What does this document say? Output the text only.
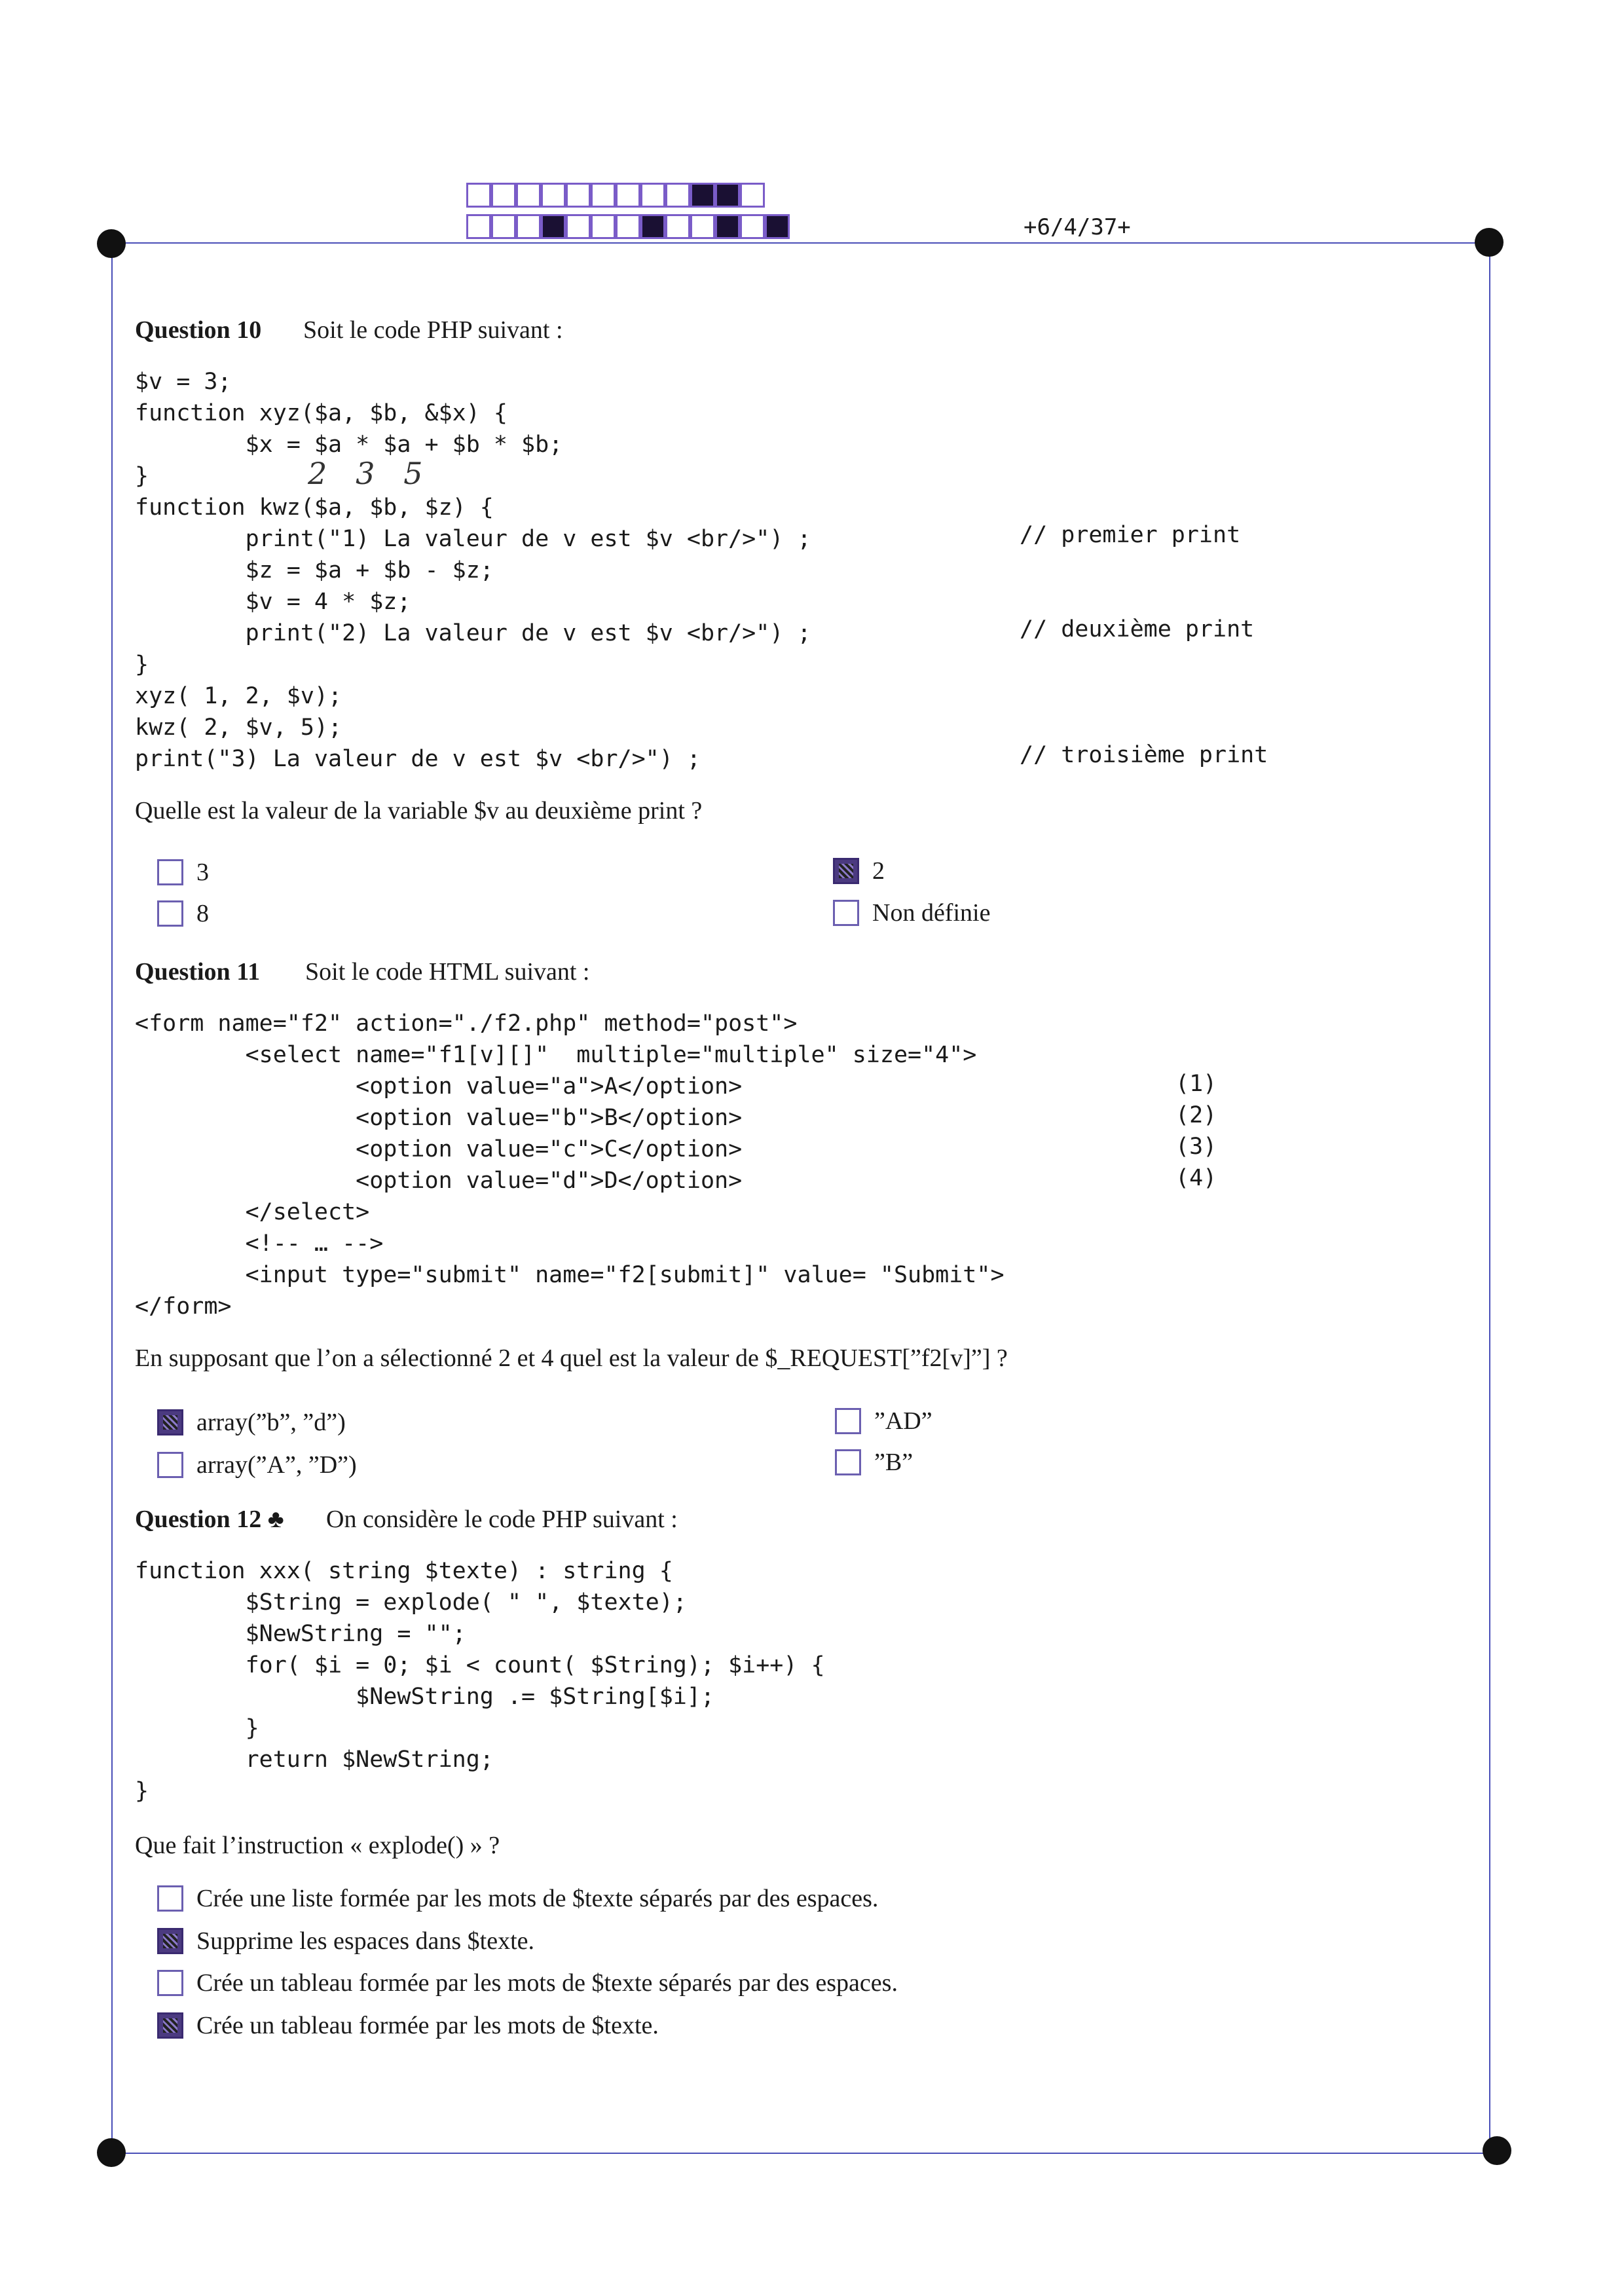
+6/4/37+
Question 10 Soit le code PHP suivant :
$v = 3;
function xyz($a, $b, &$x) {
$x = $a * $a + $b * $b;
}
function kwz($a, $b, $z) {
print("1) La valeur de v est $v <br/>") ;
$z = $a + $b - $z;
$v = 4 * $z;
print("2) La valeur de v est $v <br/>") ;
}
xyz( 1, 2, $v);
kwz( 2, $v, 5);
print("3) La valeur de v est $v <br/>") ;
// premier print
// deuxième print
// troisième print
2   3   5
Quelle est la valeur de la variable $v au deuxième print ?
3
8
2
Non définie
Question 11 Soit le code HTML suivant :
<form name="f2" action="./f2.php" method="post">
<select name="f1[v][]"  multiple="multiple" size="4">
<option value="a">A</option>
<option value="b">B</option>
<option value="c">C</option>
<option value="d">D</option>
</select>
<!-- … -->
<input type="submit" name="f2[submit]" value= "Submit">
</form>
(1)
(2)
(3)
(4)
En supposant que l’on a sélectionné 2 et 4 quel est la valeur de $_REQUEST[”f2[v]”] ?
array(”b”, ”d”)
array(”A”, ”D”)
”AD”
”B”
Question 12 ♣ On considère le code PHP suivant :
function xxx( string $texte) : string {
$String = explode( " ", $texte);
$NewString = "";
for( $i = 0; $i < count( $String); $i++) {
$NewString .= $String[$i];
}
return $NewString;
}
Que fait l’instruction « explode() » ?
Crée une liste formée par les mots de $texte séparés par des espaces.
Supprime les espaces dans $texte.
Crée un tableau formée par les mots de $texte séparés par des espaces.
Crée un tableau formée par les mots de $texte.
